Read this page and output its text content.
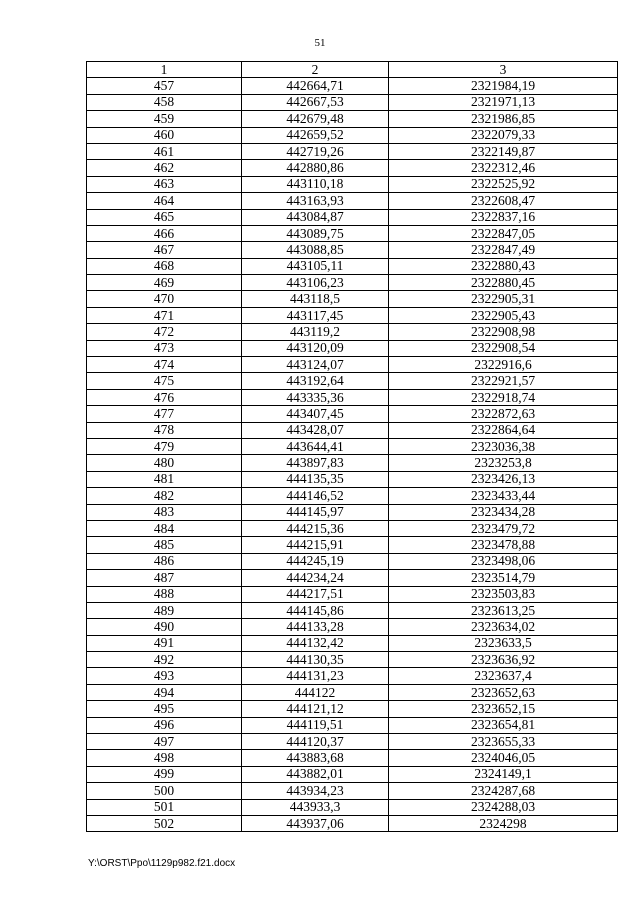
51
1	2	3
457	442664,71	2321984,19
458	442667,53	2321971,13
459	442679,48	2321986,85
460	442659,52	2322079,33
461	442719,26	2322149,87
462	442880,86	2322312,46
463	443110,18	2322525,92
464	443163,93	2322608,47
465	443084,87	2322837,16
466	443089,75	2322847,05
467	443088,85	2322847,49
468	443105,11	2322880,43
469	443106,23	2322880,45
470	443118,5	2322905,31
471	443117,45	2322905,43
472	443119,2	2322908,98
473	443120,09	2322908,54
474	443124,07	2322916,6
475	443192,64	2322921,57
476	443335,36	2322918,74
477	443407,45	2322872,63
478	443428,07	2322864,64
479	443644,41	2323036,38
480	443897,83	2323253,8
481	444135,35	2323426,13
482	444146,52	2323433,44
483	444145,97	2323434,28
484	444215,36	2323479,72
485	444215,91	2323478,88
486	444245,19	2323498,06
487	444234,24	2323514,79
488	444217,51	2323503,83
489	444145,86	2323613,25
490	444133,28	2323634,02
491	444132,42	2323633,5
492	444130,35	2323636,92
493	444131,23	2323637,4
494	444122	2323652,63
495	444121,12	2323652,15
496	444119,51	2323654,81
497	444120,37	2323655,33
498	443883,68	2324046,05
499	443882,01	2324149,1
500	443934,23	2324287,68
501	443933,3	2324288,03
502	443937,06	2324298
Y:\ORST\Ppo\1129p982.f21.docx
